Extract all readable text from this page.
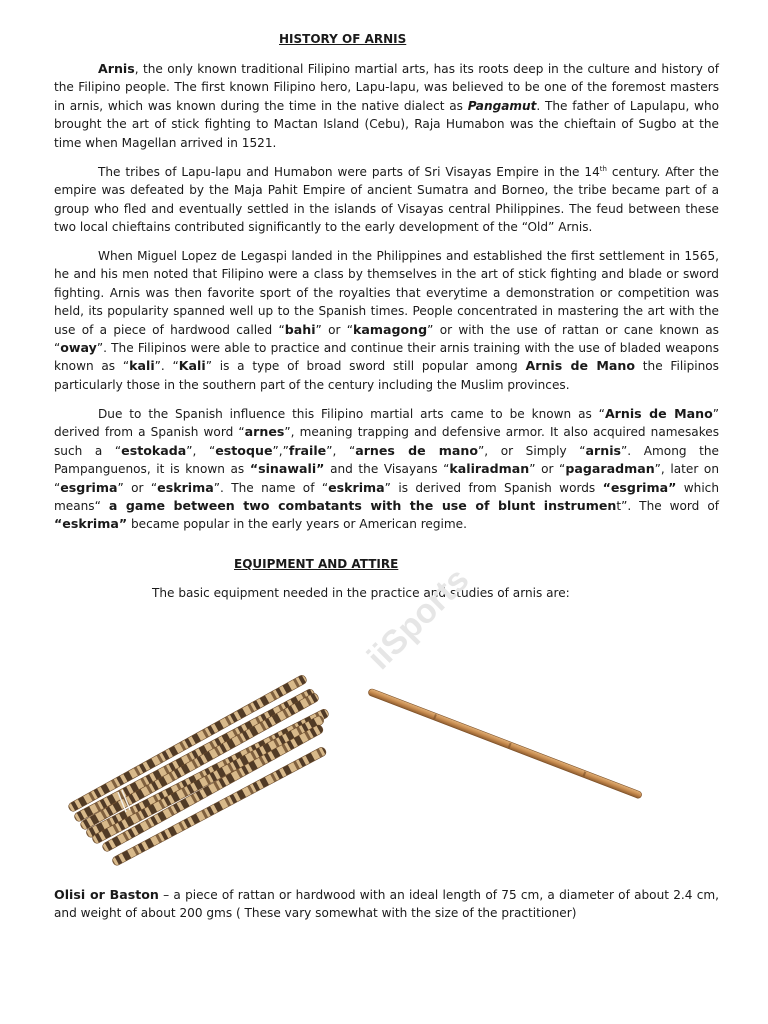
HISTORY OF ARNIS

Arnis, the only known traditional Filipino martial arts, has its roots deep in the culture and history of the Filipino people. The first known Filipino hero, Lapu-lapu, was believed to be one of the foremost masters in arnis, which was known during the time in the native dialect as Pangamut. The father of Lapulapu, who brought the art of stick fighting to Mactan Island (Cebu), Raja Humabon was the chieftain of Sugbo at the time when Magellan arrived in 1521.

The tribes of Lapu-lapu and Humabon were parts of Sri Visayas Empire in the 14th century. After the empire was defeated by the Maja Pahit Empire of ancient Sumatra and Borneo, the tribe became part of a group who fled and eventually settled in the islands of Visayas central Philippines. The feud between these two local chieftains contributed significantly to the early development of the “Old” Arnis.

When Miguel Lopez de Legaspi landed in the Philippines and established the first settlement in 1565, he and his men noted that Filipino were a class by themselves in the art of stick fighting and blade or sword fighting. Arnis was then favorite sport of the royalties that everytime a demonstration or competition was held, its popularity spanned well up to the Spanish times. People concentrated in mastering the art with the use of a piece of hardwood called “bahi” or “kamagong” or with the use of rattan or cane known as “oway”. The Filipinos were able to practice and continue their arnis training with the use of bladed weapons known as “kali”. “Kali” is a type of broad sword still popular among Arnis de Mano the Filipinos particularly those in the southern part of the century including the Muslim provinces.

Due to the Spanish influence this Filipino martial arts came to be known as “Arnis de Mano” derived from a Spanish word “arnes”, meaning trapping and defensive armor. It also acquired namesakes such a “estokada”, “estoque”,”fraile”, “arnes de mano”, or Simply “arnis”. Among the Pampanguenos, it is known as “sinawali” and the Visayans “kaliradman” or “pagaradman”, later on “esgrima” or “eskrima”. The name of “eskrima” is derived from Spanish words “esgrima” which means“ a game between two combatants with the use of blunt instrument”. The word of “eskrima” became popular in the early years or American regime.

EQUIPMENT AND ATTIRE
The basic equipment needed in the practice and studies of arnis are:
iiSports

Olisi or Baston – a piece of rattan or hardwood with an ideal length of 75 cm, a diameter of about 2.4 cm, and weight of about 200 gms ( These vary somewhat with the size of the practitioner)
